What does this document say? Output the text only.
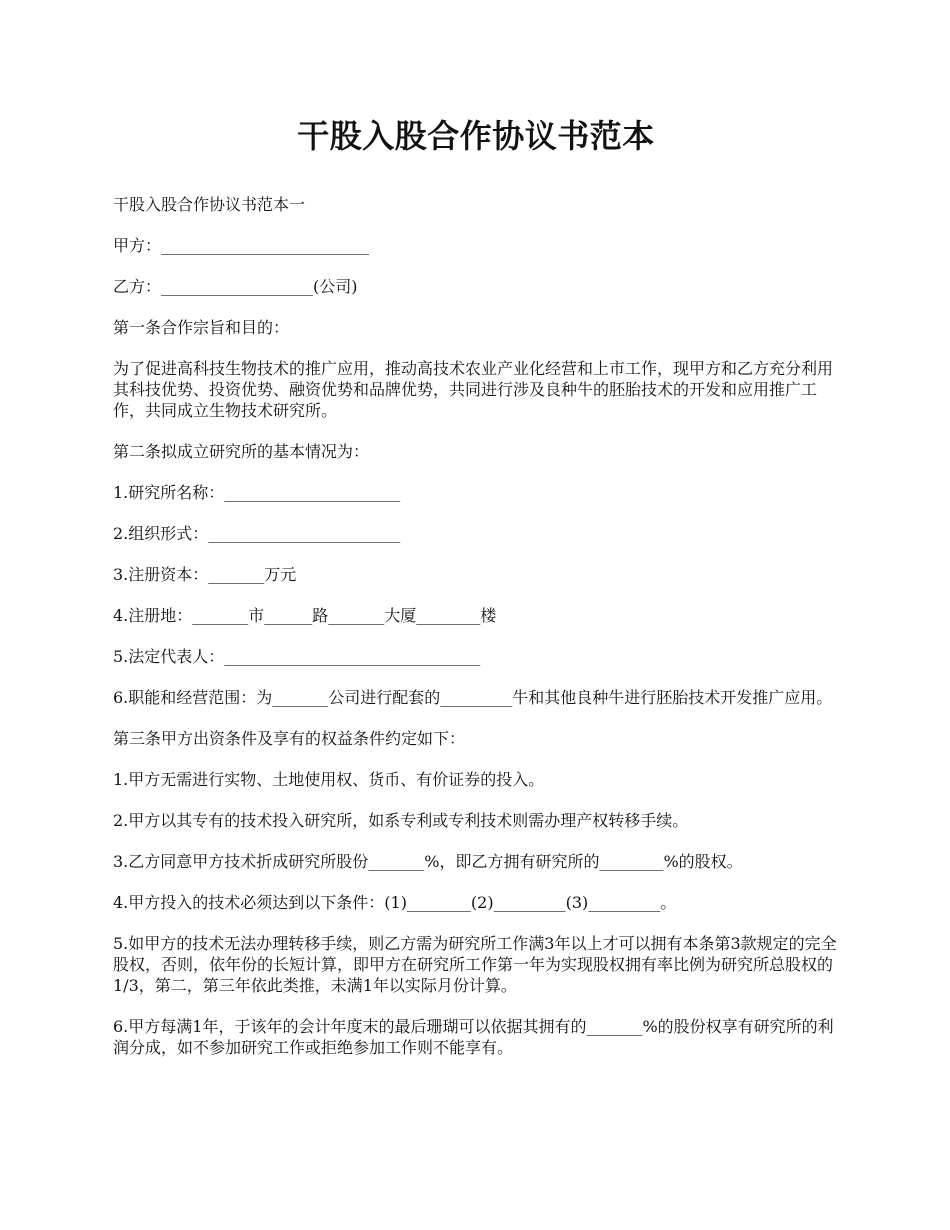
干股入股合作协议书范本

干股入股合作协议书范本一

甲方：__________________________

乙方：___________________(公司)

第一条合作宗旨和目的：

为了促进高科技生物技术的推广应用，推动高技术农业产业化经营和上市工作，现甲方和乙方充分利用其科技优势、投资优势、融资优势和品牌优势，共同进行涉及良种牛的胚胎技术的开发和应用推广工作，共同成立生物技术研究所。

第二条拟成立研究所的基本情况为：

1.研究所名称：______________________

2.组织形式：________________________

3.注册资本：_______万元

4.注册地：_______市______路_______大厦________楼

5.法定代表人：________________________________

6.职能和经营范围：为_______公司进行配套的_________牛和其他良种牛进行胚胎技术开发推广应用。

第三条甲方出资条件及享有的权益条件约定如下：

1.甲方无需进行实物、土地使用权、货币、有价证券的投入。

2.甲方以其专有的技术投入研究所，如系专利或专利技术则需办理产权转移手续。

3.乙方同意甲方技术折成研究所股份_______%，即乙方拥有研究所的________%的股权。

4.甲方投入的技术必须达到以下条件：(1)________(2)_________(3)_________。

5.如甲方的技术无法办理转移手续，则乙方需为研究所工作满3年以上才可以拥有本条第3款规定的完全股权，否则，依年份的长短计算，即甲方在研究所工作第一年为实现股权拥有率比例为研究所总股权的1/3，第二，第三年依此类推，未满1年以实际月份计算。

6.甲方每满1年，于该年的会计年度末的最后珊瑚可以依据其拥有的_______%的股份权享有研究所的利润分成，如不参加研究工作或拒绝参加工作则不能享有。
